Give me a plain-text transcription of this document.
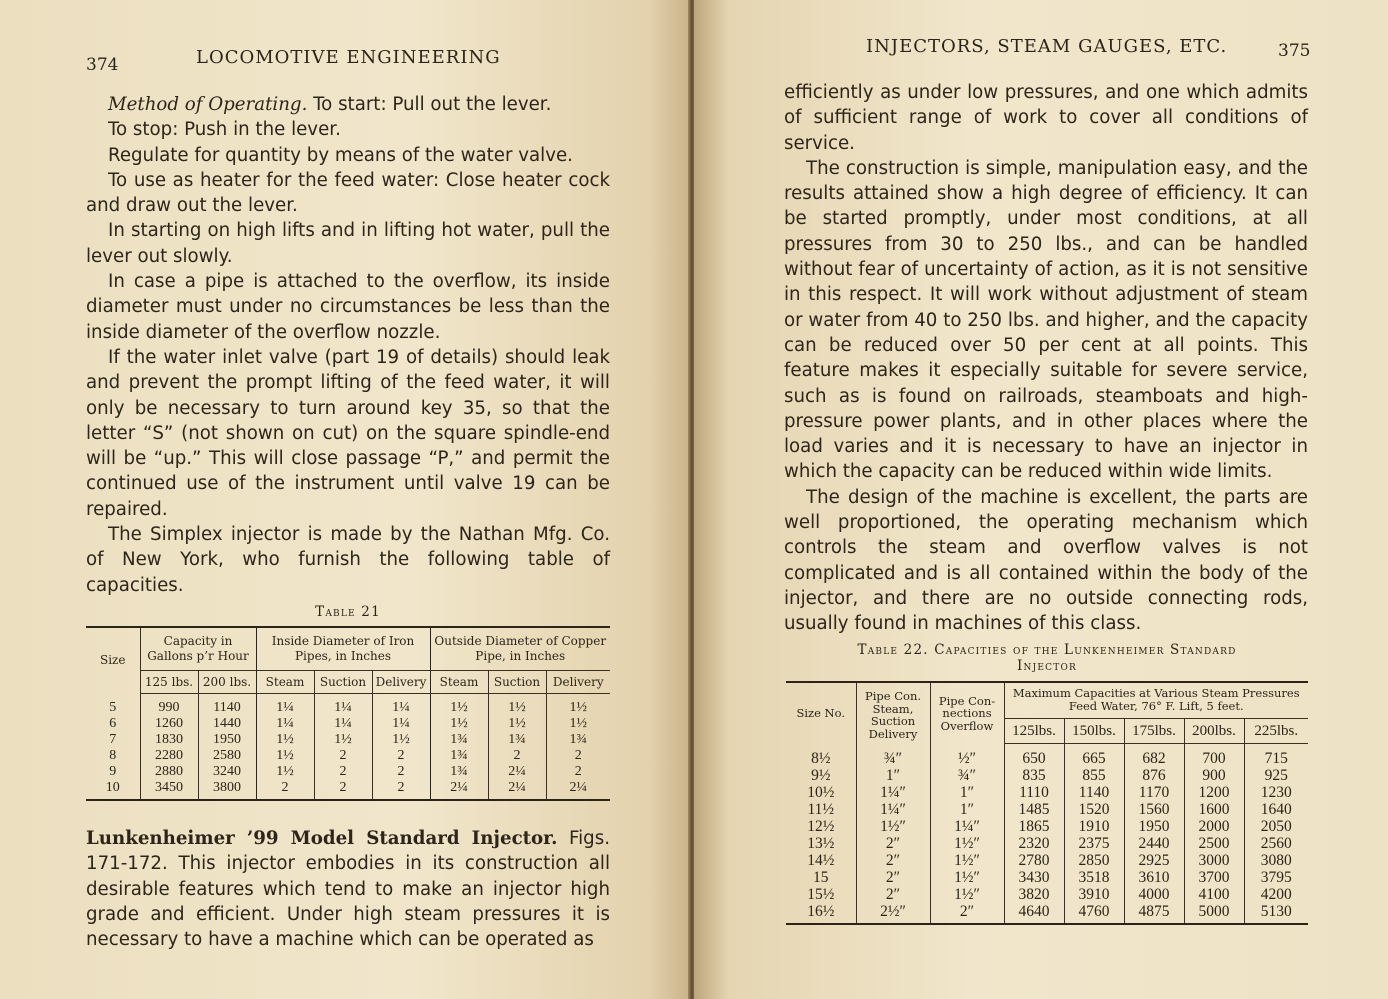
374	LOCOMOTIVE ENGINEERING

Method of Operating. To start: Pull out the lever.

To stop: Push in the lever.

Regulate for quantity by means of the water valve.

To use as heater for the feed water: Close heater cock and draw out the lever.

In starting on high lifts and in lifting hot water, pull the lever out slowly.

In case a pipe is attached to the overflow, its inside diameter must under no circumstances be less than the inside diameter of the overflow nozzle.

If the water inlet valve (part 19 of details) should leak and prevent the prompt lifting of the feed water, it will only be necessary to turn around key 35, so that the letter “S” (not shown on cut) on the square spindle-end will be “up.” This will close passage “P,” and permit the continued use of the instrument until valve 19 can be repaired.

The Simplex injector is made by the Nathan Mfg. Co. of New York, who furnish the following table of capacities.

Table 21
Size	Capacity in Gallons p’r Hour		Inside Diameter of Iron Pipes, in Inches			Outside Diameter of Copper Pipe, in Inches		
	125 lbs.	200 lbs.	Steam	Suction	Delivery	Steam	Suction	Delivery
5	990	1140	1¼	1¼	1¼	1½	1½	1½
6	1260	1440	1¼	1¼	1¼	1½	1½	1½
7	1830	1950	1½	1½	1½	1¾	1¾	1¾
8	2280	2580	1½	2	2	1¾	2	2
9	2880	3240	1½	2	2	1¾	2¼	2
10	3450	3800	2	2	2	2¼	2¼	2¼

Lunkenheimer ’99 Model Standard Injector. Figs. 171-172. This injector embodies in its construction all desirable features which tend to make an injector high grade and efficient. Under high steam pressures it is necessary to have a machine which can be operated as

INJECTORS, STEAM GAUGES, ETC.	375

efficiently as under low pressures, and one which admits of sufficient range of work to cover all conditions of service.

The construction is simple, manipulation easy, and the results attained show a high degree of efficiency. It can be started promptly, under most conditions, at all pressures from 30 to 250 lbs., and can be handled without fear of uncertainty of action, as it is not sensitive in this respect. It will work without adjustment of steam or water from 40 to 250 lbs. and higher, and the capacity can be reduced over 50 per cent at all points. This feature makes it especially suitable for severe service, such as is found on railroads, steamboats and high-pressure power plants, and in other places where the load varies and it is necessary to have an injector in which the capacity can be reduced within wide limits.

The design of the machine is excellent, the parts are well proportioned, the operating mechanism which controls the steam and overflow valves is not complicated and is all contained within the body of the injector, and there are no outside connecting rods, usually found in machines of this class.

Table 22. Capacities of the Lunkenheimer Standard
Injector
Size No.	Pipe Con. Steam, Suction Delivery	Pipe Con-nections Overflow	Maximum Capacities at Various Steam Pressures Feed Water, 76° F. Lift, 5 feet.				
			125lbs.	150lbs.	175lbs.	200lbs.	225lbs.
8½	¾″	½″	650	665	682	700	715
9½	1″	¾″	835	855	876	900	925
10½	1¼″	1″	1110	1140	1170	1200	1230
11½	1¼″	1″	1485	1520	1560	1600	1640
12½	1½″	1¼″	1865	1910	1950	2000	2050
13½	2″	1½″	2320	2375	2440	2500	2560
14½	2″	1½″	2780	2850	2925	3000	3080
15	2″	1½″	3430	3518	3610	3700	3795
15½	2″	1½″	3820	3910	4000	4100	4200
16½	2½″	2″	4640	4760	4875	5000	5130
